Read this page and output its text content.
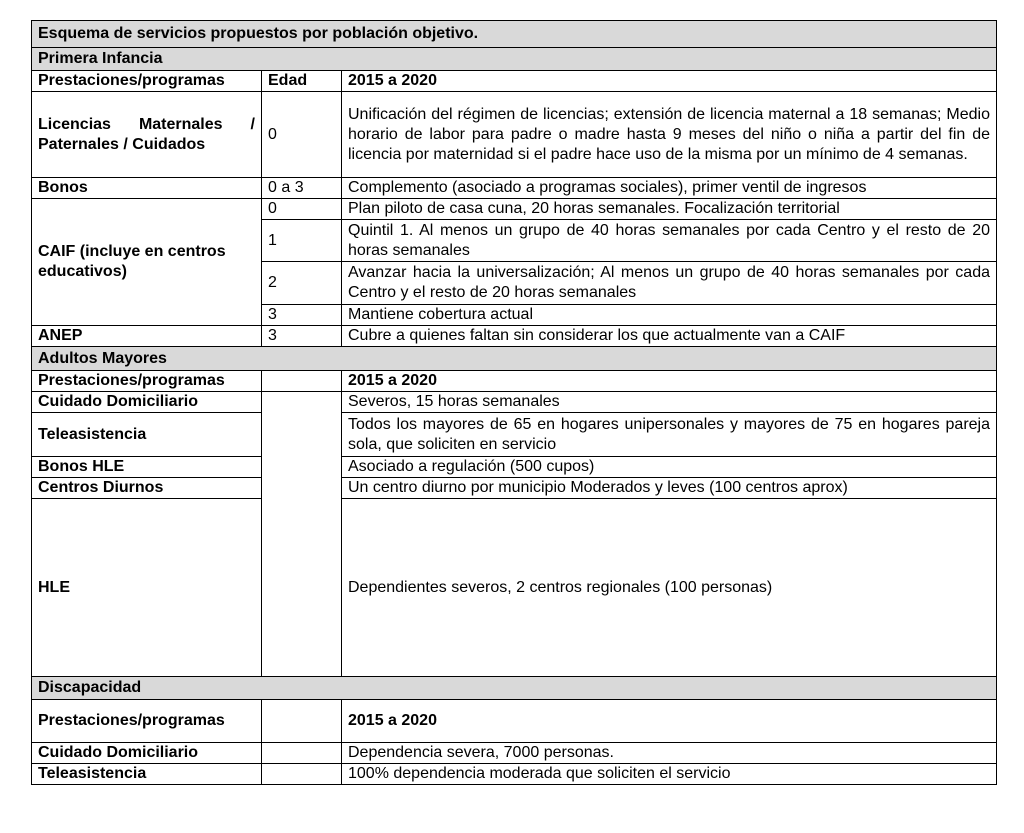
Esquema de servicios propuestos por población objetivo.		
Primera Infancia		
Prestaciones/programas	Edad	2015 a 2020
Licencias Maternales / Paternales / Cuidados	0	Unificación del régimen de licencias; extensión de licencia maternal a 18 semanas; Medio horario de labor para padre o madre hasta 9 meses del niño o niña a partir del fin de licencia por maternidad si el padre hace uso de la misma por un mínimo de 4 semanas.
Bonos	0 a 3	Complemento (asociado a programas sociales), primer ventil de ingresos
CAIF (incluye en centros educativos)	0	Plan piloto de casa cuna, 20 horas semanales. Focalización territorial
	1	Quintil 1. Al menos un grupo de 40 horas semanales por cada Centro y el resto de 20 horas semanales
	2	Avanzar hacia la universalización; Al menos un grupo de 40 horas semanales por cada Centro y el resto de 20 horas semanales
	3	Mantiene cobertura actual
ANEP	3	Cubre a quienes faltan sin considerar los que actualmente van a CAIF
Adultos Mayores		
Prestaciones/programas		2015 a 2020
Cuidado Domiciliario		Severos, 15 horas semanales
Teleasistencia		Todos los mayores de 65 en hogares unipersonales y mayores de 75 en hogares pareja sola, que soliciten en servicio
Bonos HLE		Asociado a regulación (500 cupos)
Centros Diurnos		Un centro diurno por municipio Moderados y leves (100 centros aprox)
HLE		Dependientes severos, 2 centros regionales (100 personas)
Discapacidad		
Prestaciones/programas		2015 a 2020
Cuidado Domiciliario		Dependencia severa, 7000 personas.
Teleasistencia		100% dependencia moderada que soliciten el servicio
